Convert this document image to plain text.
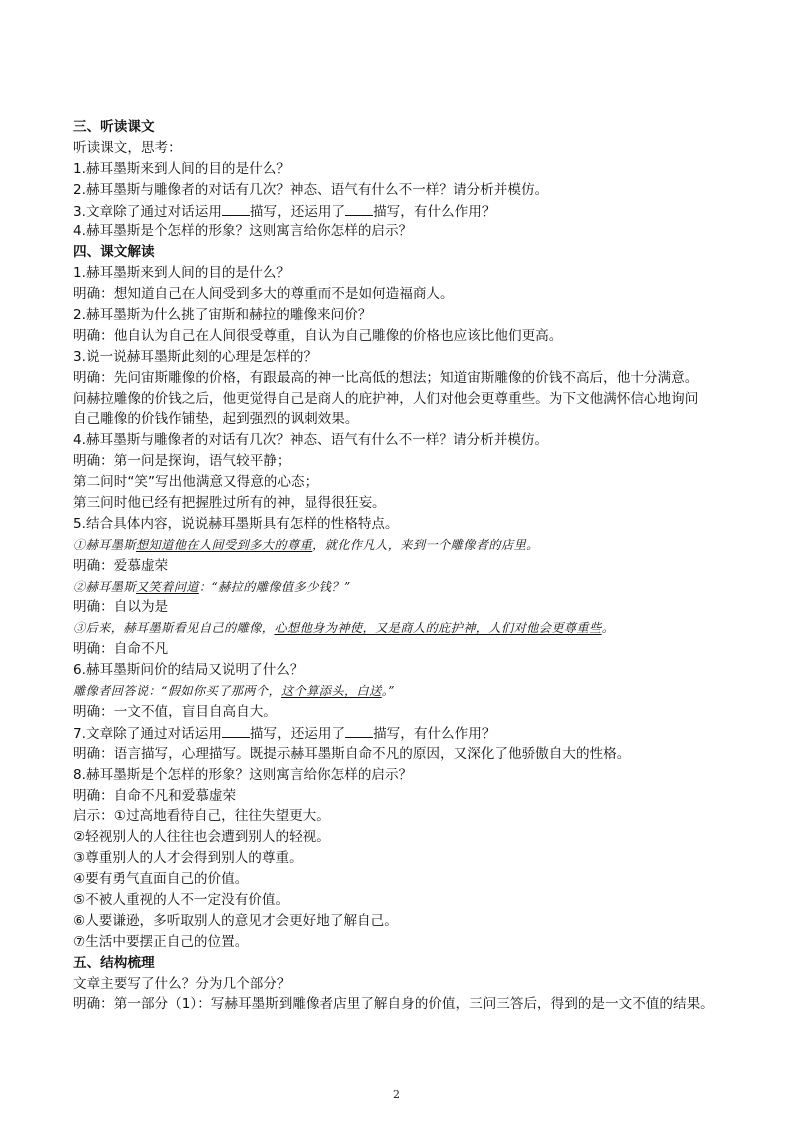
三、听读课文
听读课文，思考：
1.赫耳墨斯来到人间的目的是什么？
2.赫耳墨斯与雕像者的对话有几次？神态、语气有什么不一样？请分析并模仿。
3.文章除了通过对话运用 描写，还运用了 描写，有什么作用？
4.赫耳墨斯是个怎样的形象？这则寓言给你怎样的启示？
四、课文解读
1.赫耳墨斯来到人间的目的是什么？
明确：想知道自己在人间受到多大的尊重而不是如何造福商人。
2.赫耳墨斯为什么挑了宙斯和赫拉的雕像来问价？
明确：他自认为自己在人间很受尊重，自认为自己雕像的价格也应该比他们更高。
3.说一说赫耳墨斯此刻的心理是怎样的？
明确：先问宙斯雕像的价格，有跟最高的神一比高低的想法；知道宙斯雕像的价钱不高后，他十分满意。
问赫拉雕像的价钱之后，他更觉得自己是商人的庇护神，人们对他会更尊重些。为下文他满怀信心地询问
自己雕像的价钱作铺垫，起到强烈的讽刺效果。
4.赫耳墨斯与雕像者的对话有几次？神态、语气有什么不一样？请分析并模仿。
明确：第一问是探询，语气较平静；
第二问时“笑”写出他满意又得意的心态；
第三问时他已经有把握胜过所有的神，显得很狂妄。
5.结合具体内容，说说赫耳墨斯具有怎样的性格特点。
①赫耳墨斯想知道他在人间受到多大的尊重，就化作凡人，来到一个雕像者的店里。
明确：爱慕虚荣
②赫耳墨斯又笑着问道：“赫拉的雕像值多少钱？”
明确：自以为是
③后来，赫耳墨斯看见自己的雕像，心想他身为神使，又是商人的庇护神，人们对他会更尊重些。
明确：自命不凡
6.赫耳墨斯问价的结局又说明了什么？
雕像者回答说：“假如你买了那两个，这个算添头，白送。”
明确：一文不值，盲目自高自大。
7.文章除了通过对话运用 描写，还运用了 描写，有什么作用？
明确：语言描写，心理描写。既提示赫耳墨斯自命不凡的原因，又深化了他骄傲自大的性格。
8.赫耳墨斯是个怎样的形象？这则寓言给你怎样的启示？
明确：自命不凡和爱慕虚荣
启示：①过高地看待自己，往往失望更大。
②轻视别人的人往往也会遭到别人的轻视。
③尊重别人的人才会得到别人的尊重。
④要有勇气直面自己的价值。
⑤不被人重视的人不一定没有价值。
⑥人要谦逊，多听取别人的意见才会更好地了解自己。
⑦生活中要摆正自己的位置。
五、结构梳理
文章主要写了什么？分为几个部分？
明确：第一部分（1）：写赫耳墨斯到雕像者店里了解自身的价值，三问三答后，得到的是一文不值的结果。
2
